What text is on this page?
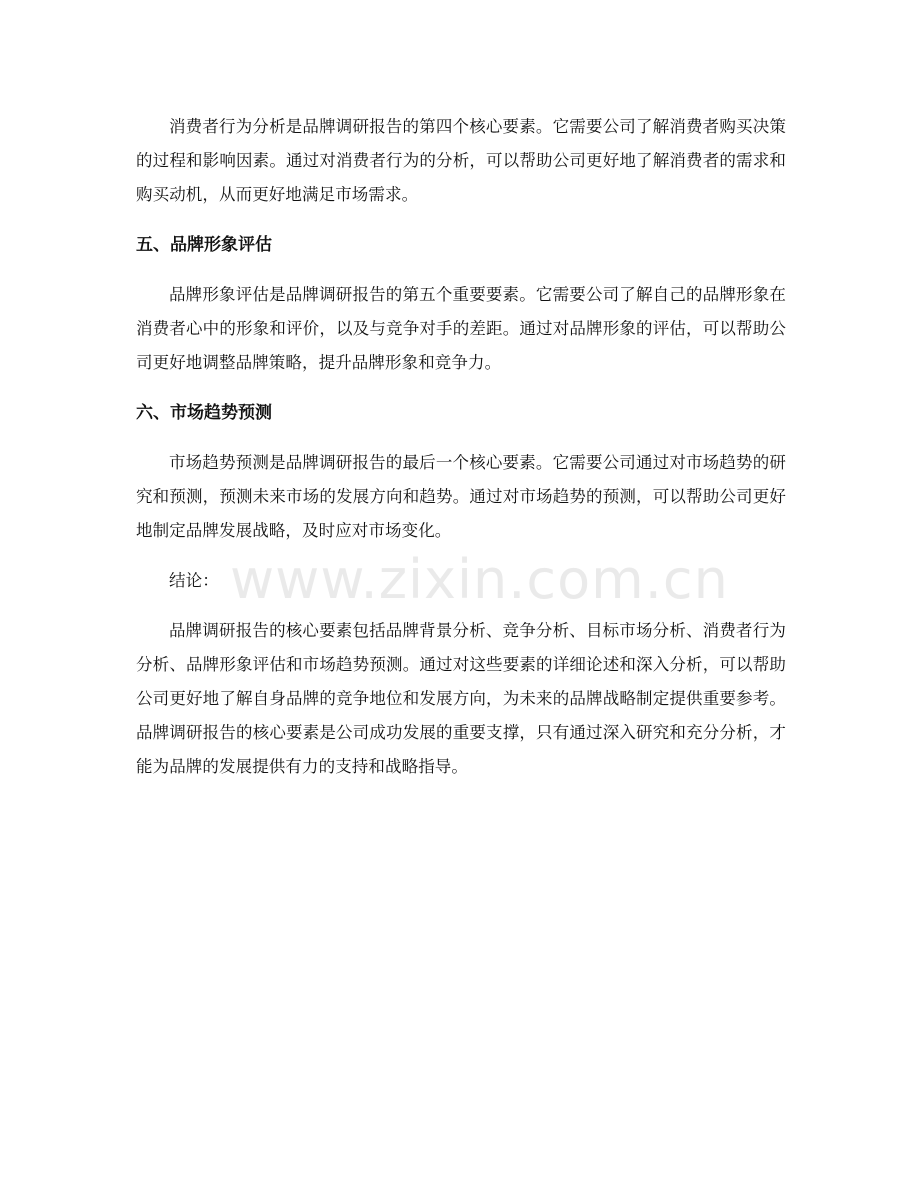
消费者行为分析是品牌调研报告的第四个核心要素。它需要公司了解消费者购买决策的过程和影响因素。通过对消费者行为的分析，可以帮助公司更好地了解消费者的需求和购买动机，从而更好地满足市场需求。

五、品牌形象评估

品牌形象评估是品牌调研报告的第五个重要要素。它需要公司了解自己的品牌形象在消费者心中的形象和评价，以及与竞争对手的差距。通过对品牌形象的评估，可以帮助公司更好地调整品牌策略，提升品牌形象和竞争力。

六、市场趋势预测

市场趋势预测是品牌调研报告的最后一个核心要素。它需要公司通过对市场趋势的研究和预测，预测未来市场的发展方向和趋势。通过对市场趋势的预测，可以帮助公司更好地制定品牌发展战略，及时应对市场变化。

结论：

品牌调研报告的核心要素包括品牌背景分析、竞争分析、目标市场分析、消费者行为分析、品牌形象评估和市场趋势预测。通过对这些要素的详细论述和深入分析，可以帮助公司更好地了解自身品牌的竞争地位和发展方向，为未来的品牌战略制定提供重要参考。品牌调研报告的核心要素是公司成功发展的重要支撑，只有通过深入研究和充分分析，才能为品牌的发展提供有力的支持和战略指导。

www.zixin.com.cn
